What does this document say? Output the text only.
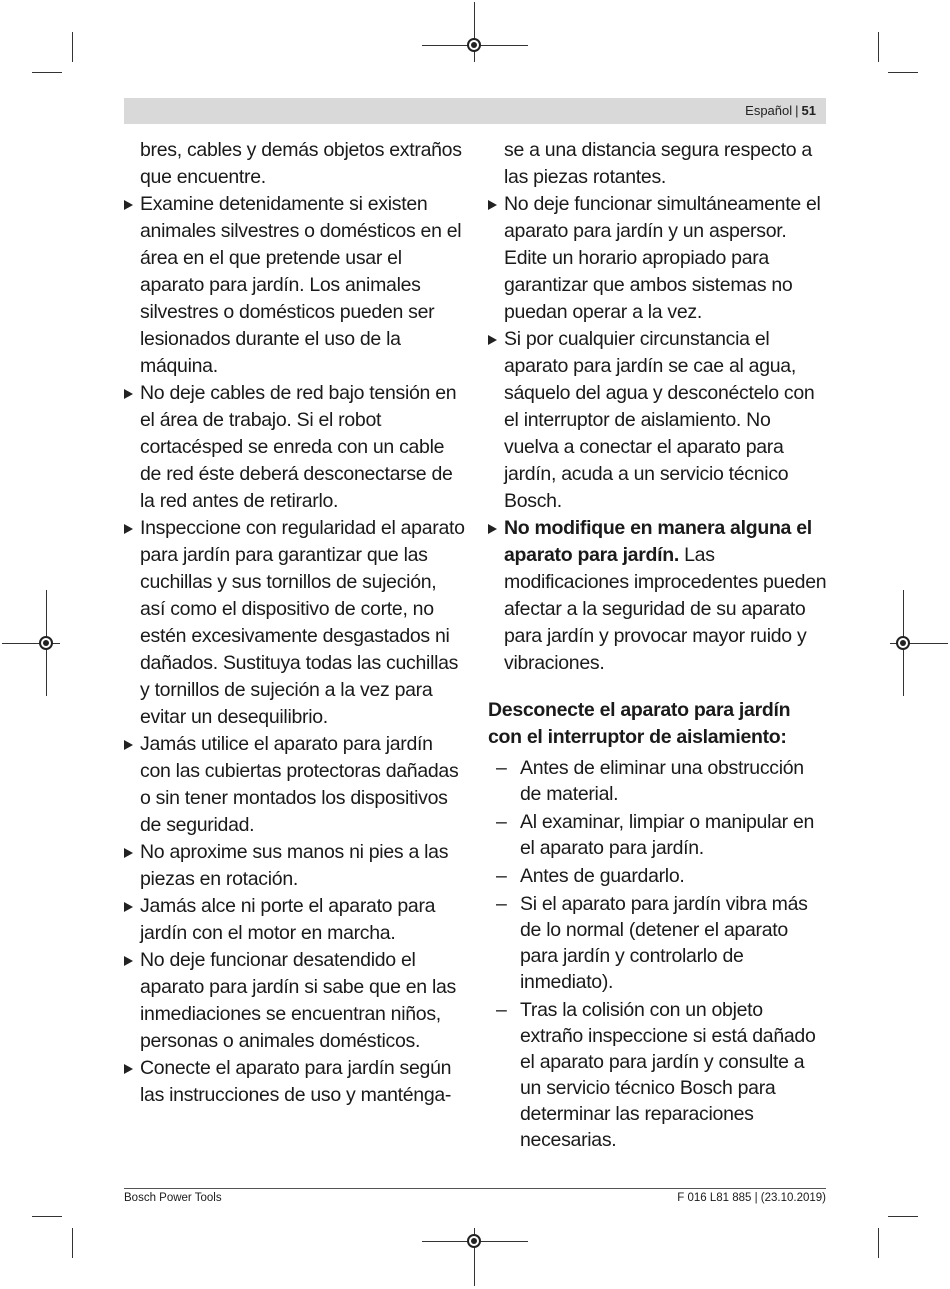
Español | 51

bres, cables y demás objetos extraños que encuentre.

Examine detenidamente si existen animales silvestres o domésticos en el área en el que pretende usar el aparato para jardín. Los animales silvestres o domésticos pueden ser lesionados durante el uso de la máquina.

No deje cables de red bajo tensión en el área de trabajo. Si el robot cortacésped se enreda con un cable de red éste deberá desconectarse de la red antes de retirarlo.

Inspeccione con regularidad el aparato para jardín para garantizar que las cuchillas y sus tornillos de sujeción, así como el dispositivo de corte, no estén excesivamente desgastados ni dañados. Sustituya todas las cuchillas y tornillos de sujeción a la vez para evitar un desequilibrio.

Jamás utilice el aparato para jardín con las cubiertas protectoras dañadas o sin tener montados los dispositivos de seguridad.

No aproxime sus manos ni pies a las piezas en rotación.

Jamás alce ni porte el aparato para jardín con el motor en marcha.

No deje funcionar desatendido el aparato para jardín si sabe que en las inmediaciones se encuentran niños, personas o animales domésticos.

Conecte el aparato para jardín según las instrucciones de uso y manténga-

se a una distancia segura respecto a las piezas rotantes.

No deje funcionar simultáneamente el aparato para jardín y un aspersor. Edite un horario apropiado para garantizar que ambos sistemas no puedan operar a la vez.

Si por cualquier circunstancia el aparato para jardín se cae al agua, sáquelo del agua y desconéctelo con el interruptor de aislamiento. No vuelva a conectar el aparato para jardín, acuda a un servicio técnico Bosch.

No modifique en manera alguna el aparato para jardín. Las modificaciones improcedentes pueden afectar a la seguridad de su aparato para jardín y provocar mayor ruido y vibraciones.

Desconecte el aparato para jardín con el interruptor de aislamiento:

– Antes de eliminar una obstrucción de material.

– Al examinar, limpiar o manipular en el aparato para jardín.

– Antes de guardarlo.

– Si el aparato para jardín vibra más de lo normal (detener el aparato para jardín y controlarlo de inmediato).

– Tras la colisión con un objeto extraño inspeccione si está dañado el aparato para jardín y consulte a un servicio técnico Bosch para determinar las reparaciones necesarias.

Bosch Power Tools	F 016 L81 885 | (23.10.2019)
